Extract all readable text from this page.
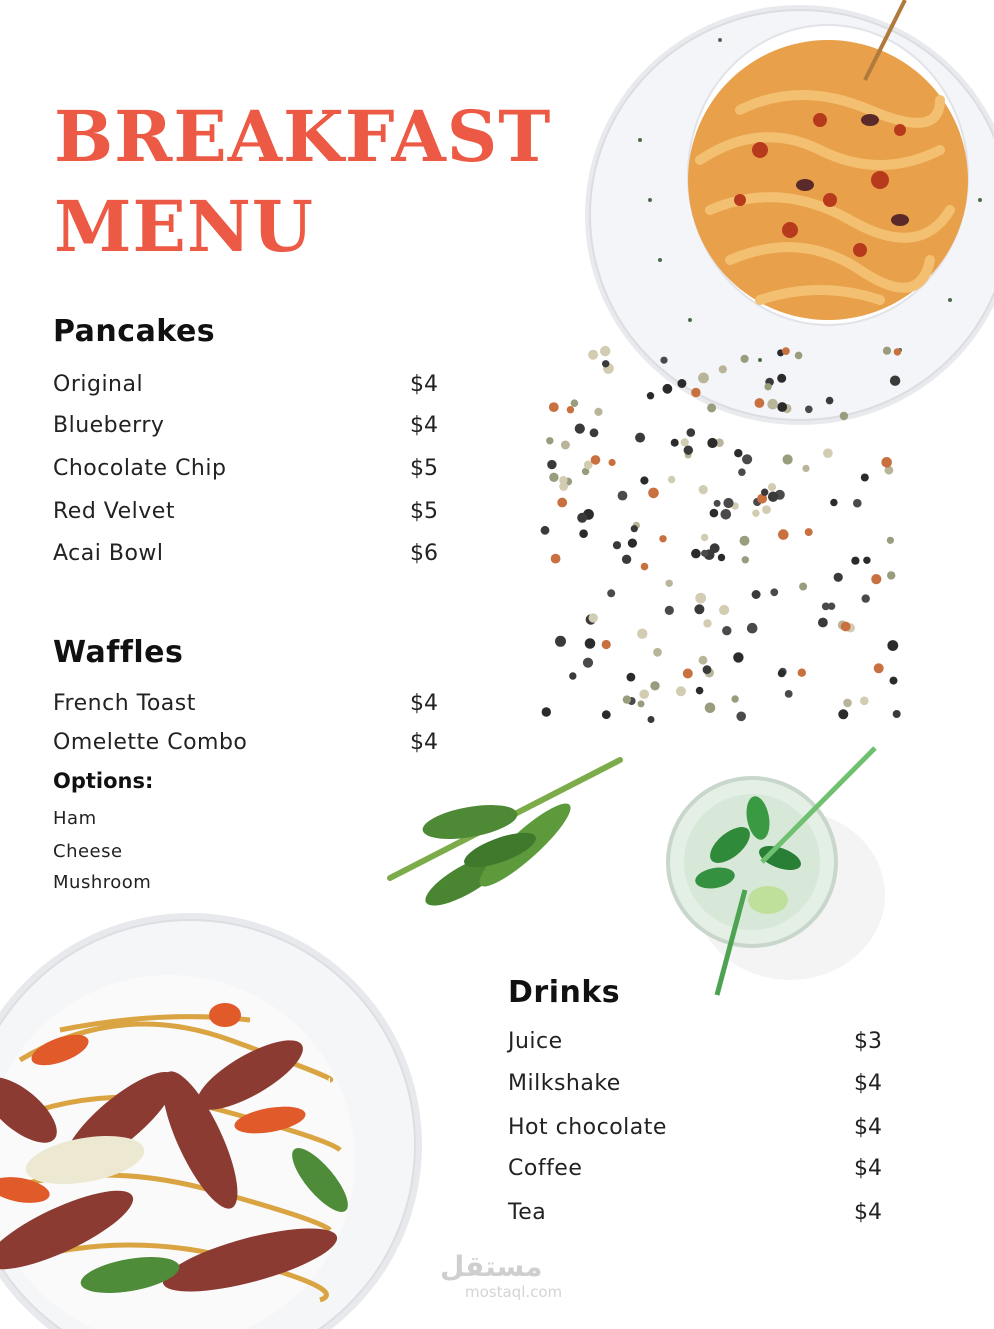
BREAKFAST
MENU
Pancakes
Original	$4
Blueberry	$4
Chocolate Chip	$5
Red Velvet	$5
Acai Bowl	$6
Waffles
French Toast	$4
Omelette Combo	$4
Options:
Ham
Cheese
Mushroom
Drinks
Juice	$3
Milkshake	$4
Hot chocolate	$4
Coffee	$4
Tea	$4
مستقل
mostaql.com
